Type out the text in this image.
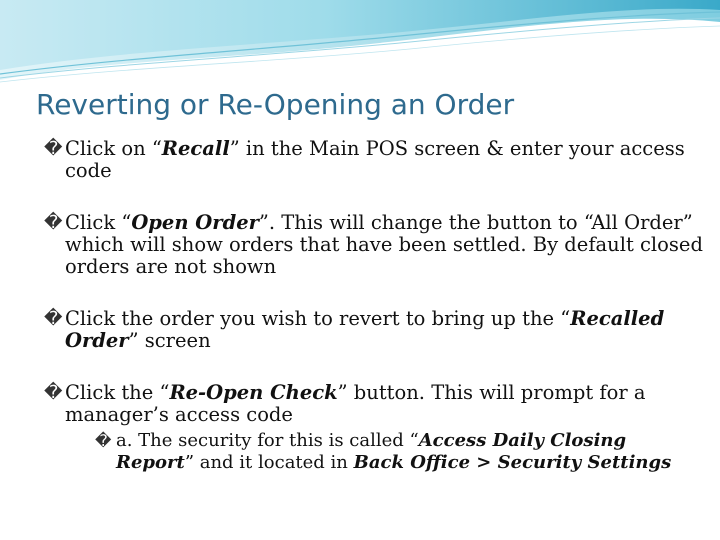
Reverting or Re-Opening an Order
� Click on “Recall” in the Main POS screen & enter your access code
� Click “Open Order”. This will change the button to “All Order” which will show orders that have been settled. By default closed orders are not shown
� Click the order you wish to revert to bring up the “Recalled Order” screen
� Click the “Re-Open Check” button. This will prompt for a manager’s access code
� a. The security for this is called “Access Daily Closing Report” and it located in Back Office > Security Settings
